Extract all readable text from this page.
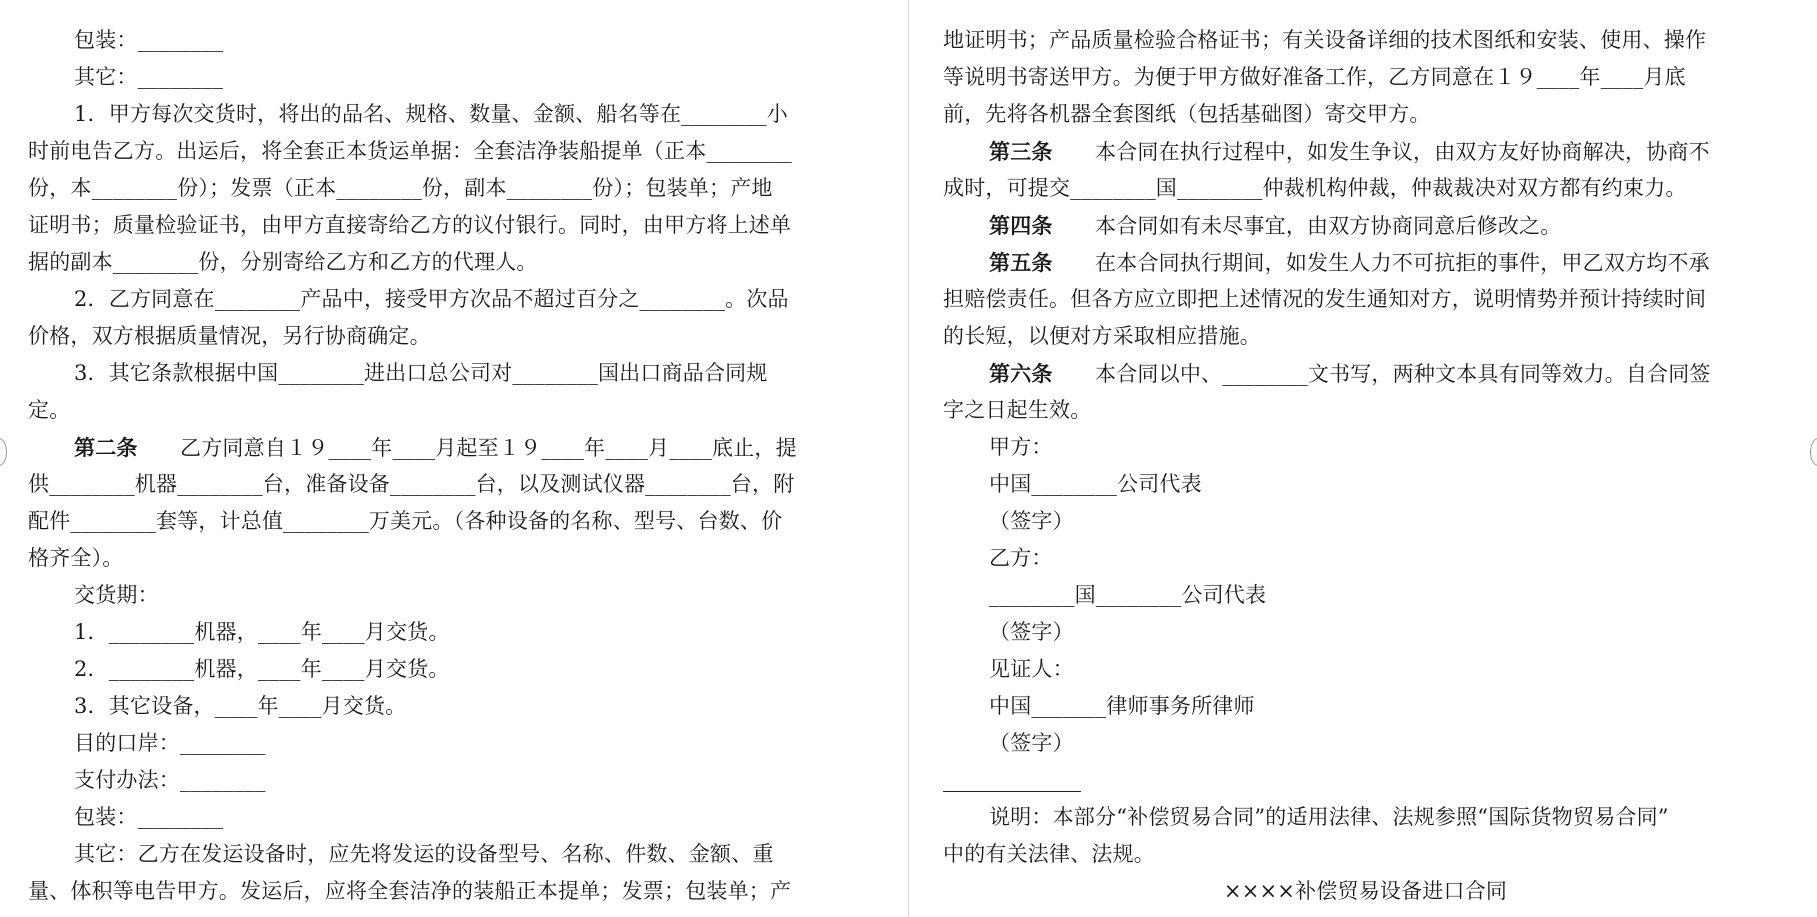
包装：________
其它：________
1．甲方每次交货时，将出的品名、规格、数量、金额、船名等在________小
时前电告乙方。出运后，将全套正本货运单据：全套洁净装船提单（正本________
份，本________份）；发票（正本________份，副本________份）；包装单；产地
证明书；质量检验证书，由甲方直接寄给乙方的议付银行。同时，由甲方将上述单
据的副本________份，分别寄给乙方和乙方的代理人。
2．乙方同意在________产品中，接受甲方次品不超过百分之________。次品
价格，双方根据质量情况，另行协商确定。
3．其它条款根据中国________进出口总公司对________国出口商品合同规
定。
第二条　　 乙方同意自１９____年____月起至１９____年____月____底止，提
供________机器________台，准备设备________台，以及测试仪器________台，附
配件________套等，计总值________万美元。（各种设备的名称、型号、台数、价
格齐全）。
交货期：
1．________机器，____年____月交货。
2．________机器，____年____月交货。
3．其它设备，____年____月交货。
目的口岸：________
支付办法：________
包装：________
其它：乙方在发运设备时，应先将发运的设备型号、名称、件数、金额、重
量、体积等电告甲方。发运后，应将全套洁净的装船正本提单；发票；包装单；产
地证明书；产品质量检验合格证书；有关设备详细的技术图纸和安装、使用、操作
等说明书寄送甲方。为便于甲方做好准备工作，乙方同意在１９____年____月底
前，先将各机器全套图纸（包括基础图）寄交甲方。
第三条　　 本合同在执行过程中，如发生争议，由双方友好协商解决，协商不
成时，可提交________国________仲裁机构仲裁，仲裁裁决对双方都有约束力。
第四条　　 本合同如有未尽事宜，由双方协商同意后修改之。
第五条　　 在本合同执行期间，如发生人力不可抗拒的事件，甲乙双方均不承
担赔偿责任。但各方应立即把上述情况的发生通知对方，说明情势并预计持续时间
的长短，以便对方采取相应措施。
第六条　　 本合同以中、________文书写，两种文本具有同等效力。自合同签
字之日起生效。
甲方：
中国________公司代表
（签字）
乙方：
________国________公司代表
（签字）
见证人：
中国_______律师事务所律师
（签字）
说明：本部分“补偿贸易合同”的适用法律、法规参照“国际货物贸易合同”
中的有关法律、法规。
××××补偿贸易设备进口合同
